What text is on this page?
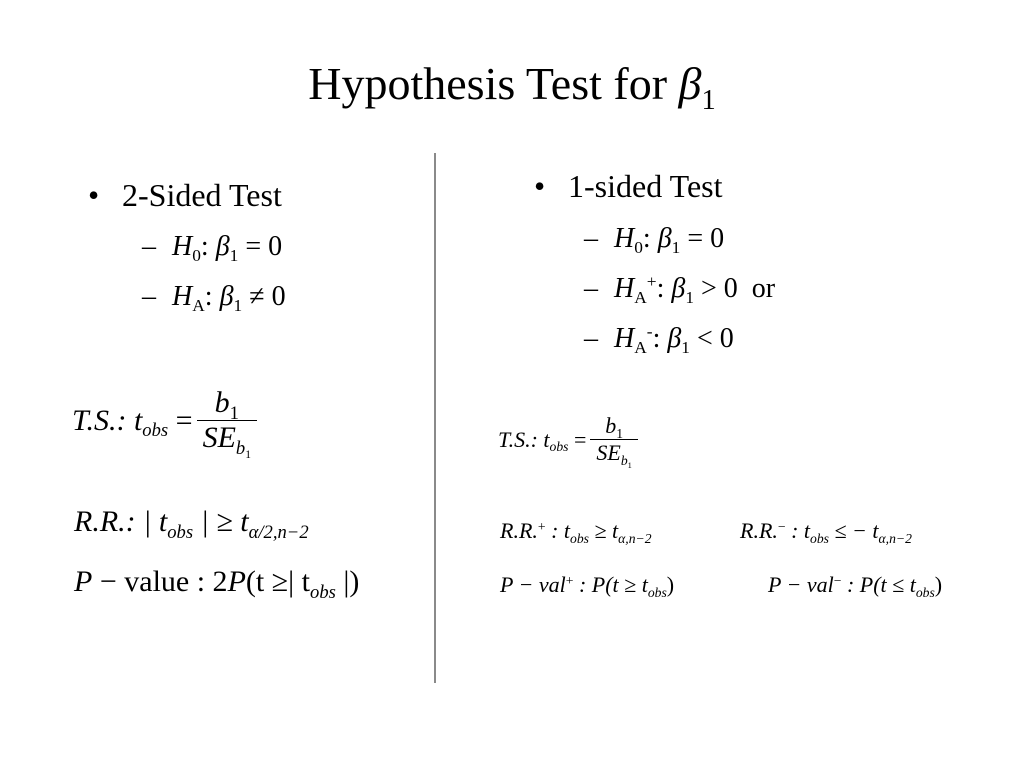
Hypothesis Test for $\beta_1$
• 2-Sided Test
– $H_0$: $\beta_1 = 0$
– $H_A$: $\beta_1 \ne 0$
T.S.: $t_{obs} = \frac{b_1}{SE_{b_1}}$
R.R.: | $t_{obs}$ | ≥ $t_{\alpha/2,n-2}$
P − value : 2P(t ≥| $t_{obs}$ |)
• 1-sided Test
– $H_0$: $\beta_1 = 0$
– $H_A^+$: $\beta_1 > 0$  or
– $H_A^-$: $\beta_1 < 0$
T.S.: $t_{obs} = \frac{b_1}{SE_{b_1}}$
R.R.+ : $t_{obs} \ge t_{\alpha,n-2}$	R.R.− : $t_{obs}$ ≤ − $t_{\alpha,n-2}$
P − val+ : $P(t \ge t_{obs})$	P − val− : $P(t \le t_{obs})$
